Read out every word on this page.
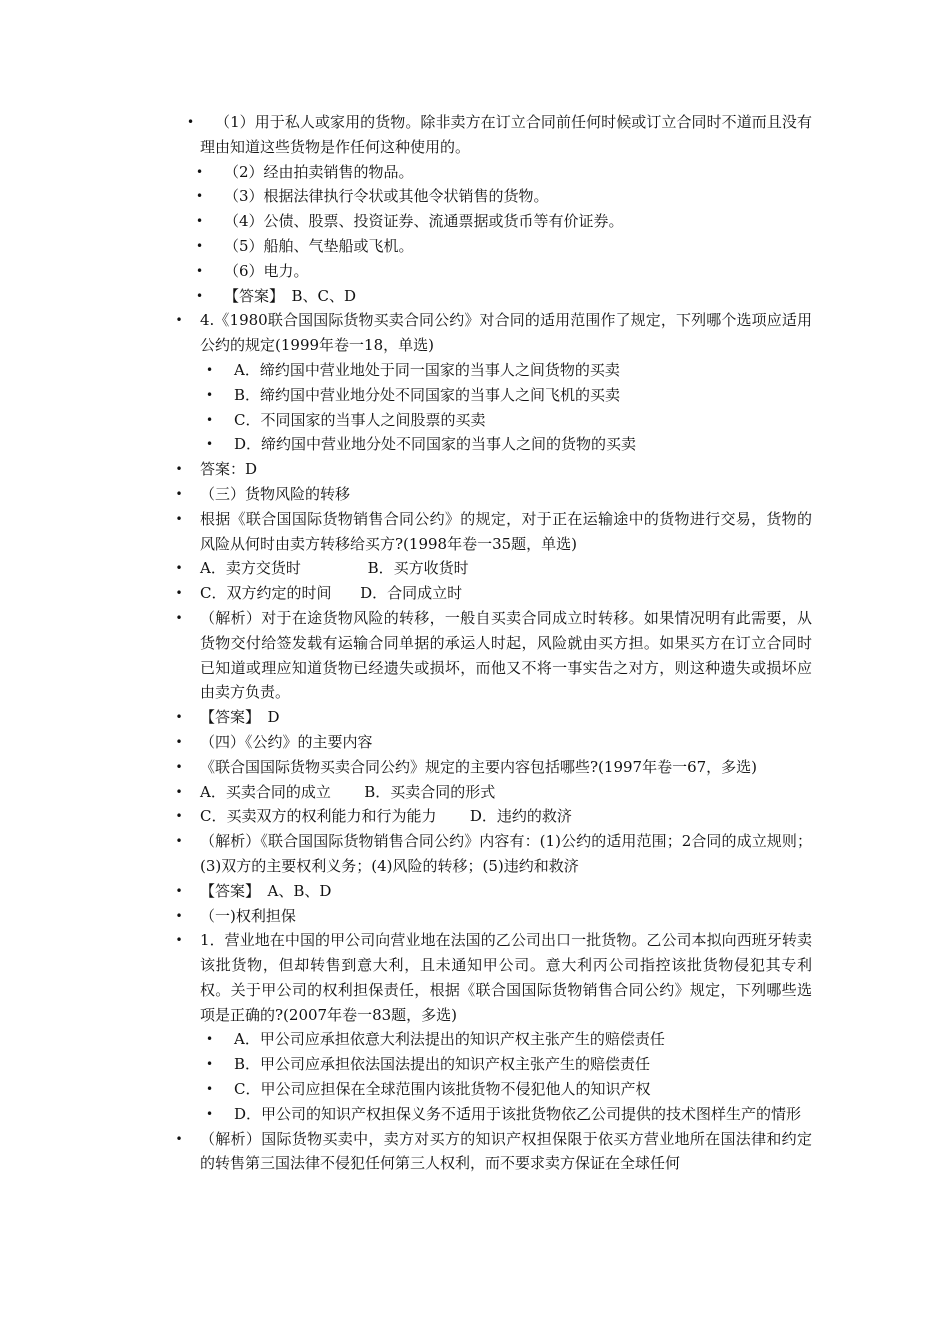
• （1）用于私人或家用的货物。除非卖方在订立合同前任何时候或订立合同时不道而且没有理由知道这些货物是作任何这种使用的。
• （2）经由拍卖销售的物品。
• （3）根据法律执行令状或其他令状销售的货物。
• （4）公债、股票、投资证券、流通票据或货币等有价证券。
• （5）船舶、气垫船或飞机。
• （6）电力。
• 【答案】　B、C、D
• 4.《1980联合国国际货物买卖合同公约》对合同的适用范围作了规定，下列哪个选项应适用公约的规定(1999年卷一18，单选)
• A．缔约国中营业地处于同一国家的当事人之间货物的买卖
• B．缔约国中营业地分处不同国家的当事人之间飞机的买卖
• C．不同国家的当事人之间股票的买卖
• D．缔约国中营业地分处不同国家的当事人之间的货物的买卖
• 答案：D
• （三）货物风险的转移
• 根据《联合国国际货物销售合同公约》的规定，对于正在运输途中的货物进行交易，货物的风险从何时由卖方转移给买方?(1998年卷一35题，单选)
• A．卖方交货时              B．买方收货时
• C．双方约定的时间      D．合同成立时
• （解析）对于在途货物风险的转移，一般自买卖合同成立时转移。如果情况明有此需要，从货物交付给签发载有运输合同单据的承运人时起，风险就由买方担。如果买方在订立合同时已知道或理应知道货物已经遗失或损坏，而他又不将一事实告之对方，则这种遗失或损坏应由卖方负责。
• 【答案】　D
• （四）《公约》的主要内容
• 《联合国国际货物买卖合同公约》规定的主要内容包括哪些?(1997年卷一67，多选)
• A．买卖合同的成立       B．买卖合同的形式
• C．买卖双方的权利能力和行为能力       D．违约的救济
• （解析）《联合国国际货物销售合同公约》内容有：(1)公约的适用范围；2合同的成立规则；(3)双方的主要权利义务；(4)风险的转移；(5)违约和救济
• 【答案】　A、B、D
• （一)权利担保
• 1．营业地在中国的甲公司向营业地在法国的乙公司出口一批货物。乙公司本拟向西班牙转卖该批货物，但却转售到意大利，且未通知甲公司。意大利丙公司指控该批货物侵犯其专利权。关于甲公司的权利担保责任，根据《联合国国际货物销售合同公约》规定，下列哪些选项是正确的?(2007年卷一83题，多选)
• A．甲公司应承担依意大利法提出的知识产权主张产生的赔偿责任
• B．甲公司应承担依法国法提出的知识产权主张产生的赔偿责任
• C．甲公司应担保在全球范围内该批货物不侵犯他人的知识产权
• D．甲公司的知识产权担保义务不适用于该批货物依乙公司提供的技术图样生产的情形
• （解析）国际货物买卖中，卖方对买方的知识产权担保限于依买方营业地所在国法律和约定的转售第三国法律不侵犯任何第三人权利，而不要求卖方保证在全球任何
